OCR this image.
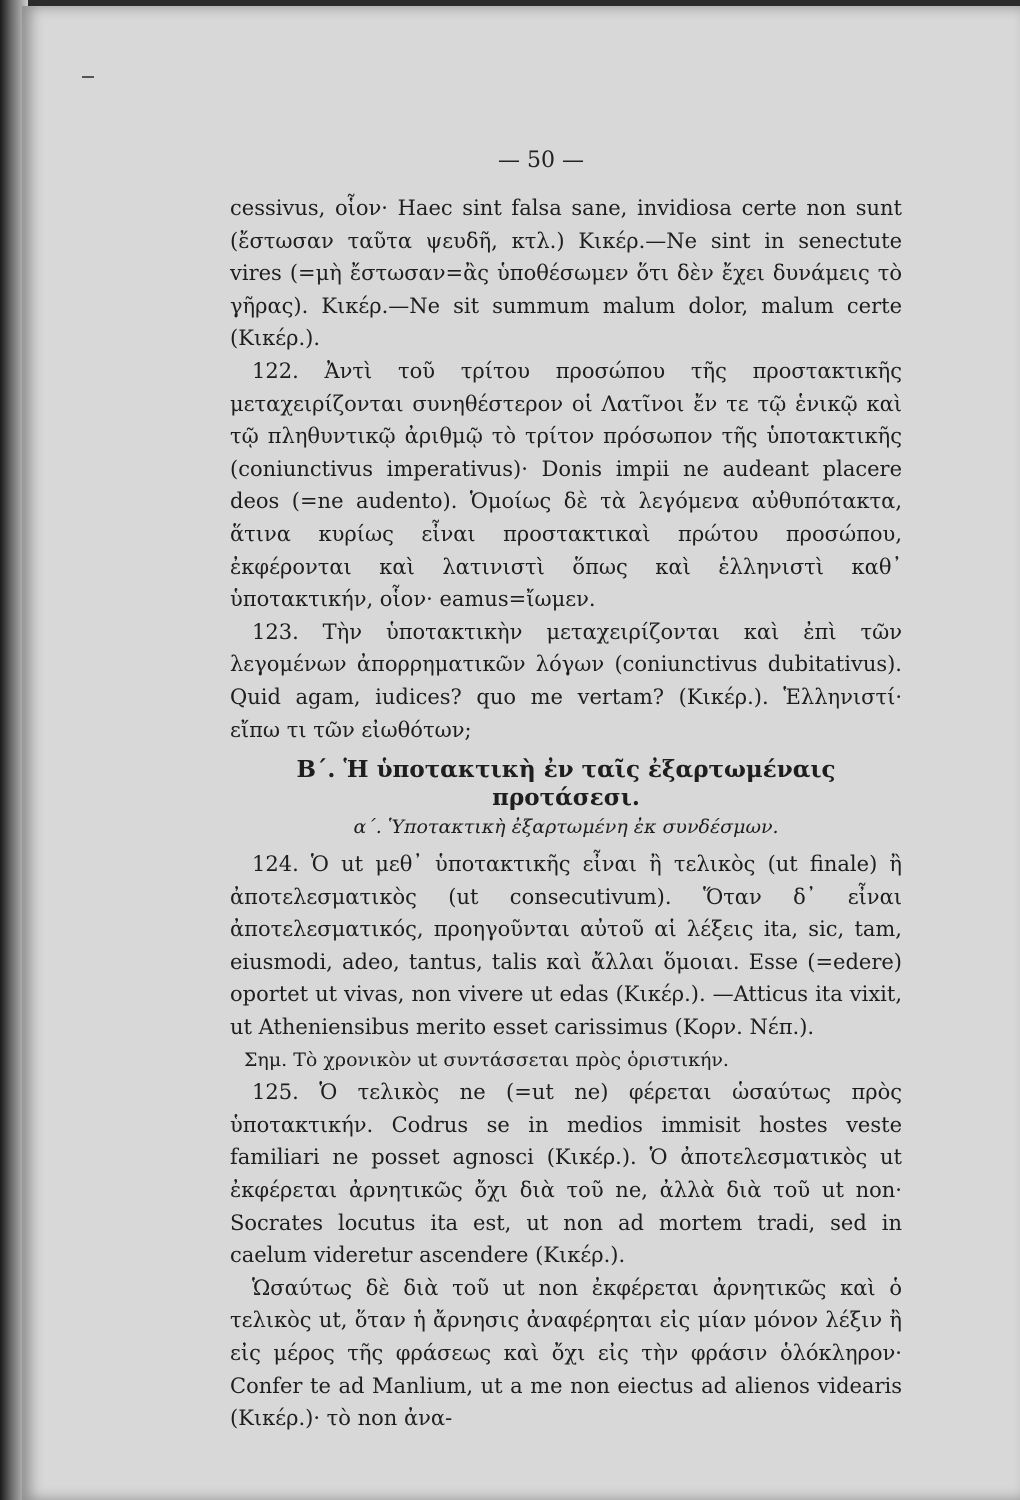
— 50 —

cessivus, οἷον· Haec sint falsa sane, invidiosa certe non sunt (ἔστωσαν ταῦτα ψευδῆ, κτλ.) Κικέρ.—Ne sint in senectute vires (=μὴ ἔστωσαν=ἂς ὑποθέσωμεν ὅτι δὲν ἔχει δυνάμεις τὸ γῆρας). Κικέρ.—Ne sit summum malum dolor, malum certe (Κικέρ.).

122. Ἀντὶ τοῦ τρίτου προσώπου τῆς προστακτικῆς μεταχειρίζονται συνηθέστερον οἱ Λατῖνοι ἔν τε τῷ ἑνικῷ καὶ τῷ πληθυντικῷ ἀριθμῷ τὸ τρίτον πρόσωπον τῆς ὑποτακτικῆς (coniunctivus imperativus)· Donis impii ne audeant placere deos (=ne audento). Ὁμοίως δὲ τὰ λεγόμενα αὐθυπότακτα, ἅτινα κυρίως εἶναι προστακτικαὶ πρώτου προσώπου, ἐκφέρονται καὶ λατινιστὶ ὅπως καὶ ἑλληνιστὶ καθ᾽ ὑποτακτικήν, οἷον· eamus=ἴωμεν.

123. Τὴν ὑποτακτικὴν μεταχειρίζονται καὶ ἐπὶ τῶν λεγομένων ἀπορρηματικῶν λόγων (coniunctivus dubitativus). Quid agam, iudices? quo me vertam? (Κικέρ.). Ἑλληνιστί· εἴπω τι τῶν εἰωθότων;

Β΄. Ἡ ὑποτακτικὴ ἐν ταῖς ἐξαρτωμέναις προτάσεσι.

α΄. Ὑποτακτικὴ ἐξαρτωμένη ἐκ συνδέσμων.

124. Ὁ ut μεθ᾽ ὑποτακτικῆς εἶναι ἢ τελικὸς (ut finale) ἢ ἀποτελεσματικὸς (ut consecutivum). Ὅταν δ᾽ εἶναι ἀποτελεσματικός, προηγοῦνται αὐτοῦ αἱ λέξεις ita, sic, tam, eiusmodi, adeo, tantus, talis καὶ ἄλλαι ὅμοιαι. Esse (=edere) oportet ut vivas, non vivere ut edas (Κικέρ.). —Atticus ita vixit, ut Atheniensibus merito esset carissimus (Κορν. Νέπ.).

Σημ. Τὸ χρονικὸν ut συντάσσεται πρὸς ὁριστικήν.

125. Ὁ τελικὸς ne (=ut ne) φέρεται ὡσαύτως πρὸς ὑποτακτικήν. Codrus se in medios immisit hostes veste familiari ne posset agnosci (Κικέρ.). Ὁ ἀποτελεσματικὸς ut ἐκφέρεται ἀρνητικῶς ὄχι διὰ τοῦ ne, ἀλλὰ διὰ τοῦ ut non· Socrates locutus ita est, ut non ad mortem tradi, sed in caelum videretur ascendere (Κικέρ.).

Ὡσαύτως δὲ διὰ τοῦ ut non ἐκφέρεται ἀρνητικῶς καὶ ὁ τελικὸς ut, ὅταν ἡ ἄρνησις ἀναφέρηται εἰς μίαν μόνον λέξιν ἢ εἰς μέρος τῆς φράσεως καὶ ὄχι εἰς τὴν φράσιν ὁλόκληρον· Confer te ad Manlium, ut a me non eiectus ad alienos videaris (Κικέρ.)· τὸ non ἀνα-
